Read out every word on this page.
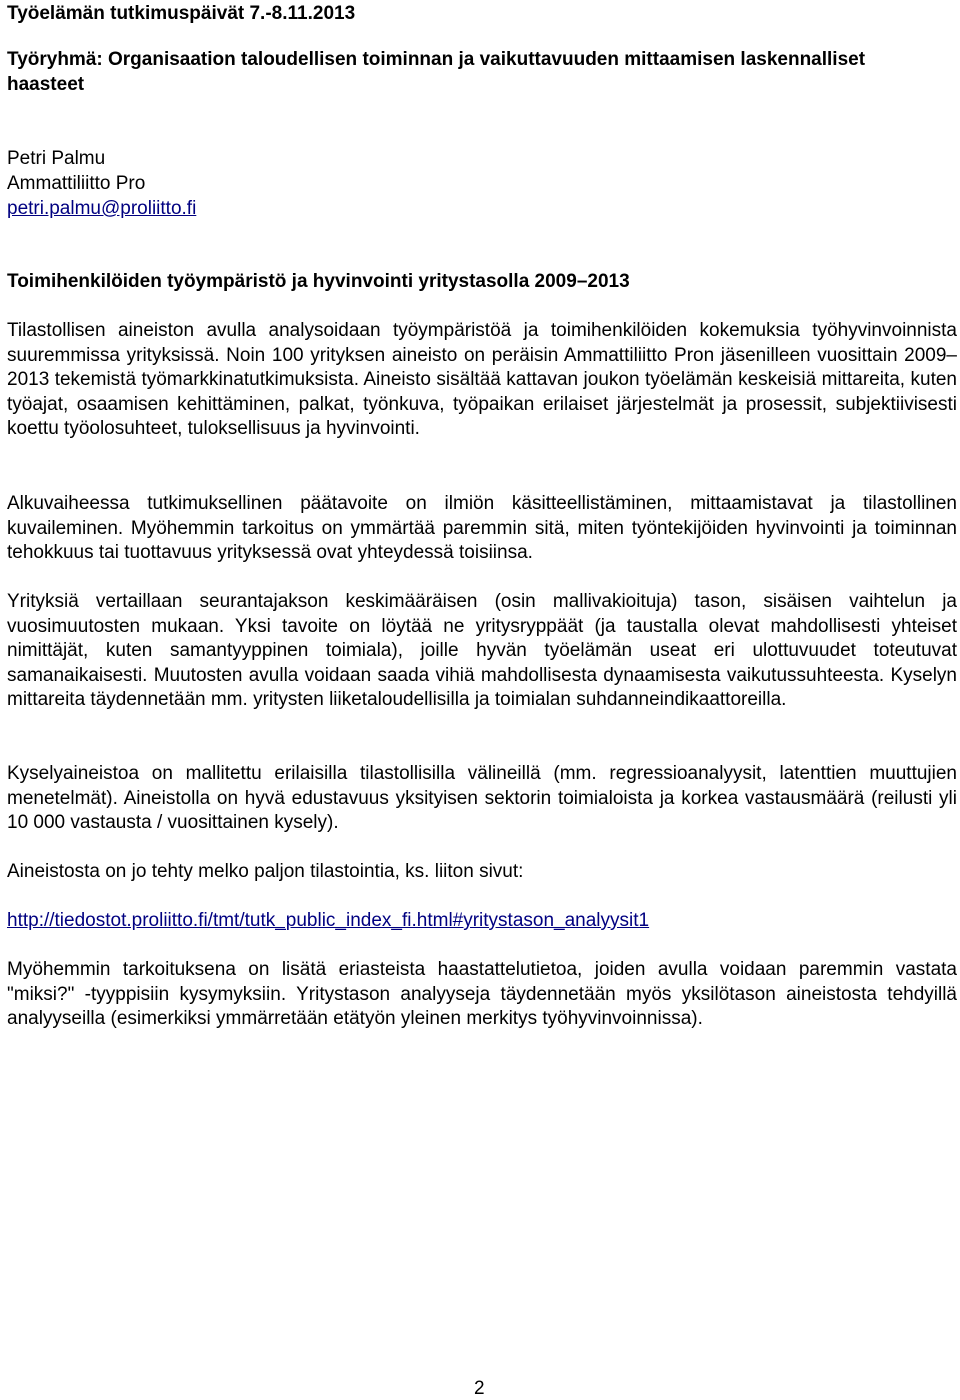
Työelämän tutkimuspäivät 7.-8.11.2013
Työryhmä: Organisaation taloudellisen toiminnan ja vaikuttavuuden mittaamisen laskennalliset haasteet
Petri Palmu
Ammattiliitto Pro
petri.palmu@proliitto.fi
Toimihenkilöiden työympäristö ja hyvinvointi yritystasolla 2009–2013

Tilastollisen aineiston avulla analysoidaan työympäristöä ja toimihenkilöiden kokemuksia työhyvinvoinnista suuremmissa yrityksissä. Noin 100 yrityksen aineisto on peräisin Ammattiliitto Pron jäsenilleen vuosittain 2009–2013 tekemistä työmarkkinatutkimuksista. Aineisto sisältää kattavan joukon työelämän keskeisiä mittareita, kuten työajat, osaamisen kehittäminen, palkat, työnkuva, työpaikan erilaiset järjestelmät ja prosessit, subjektiivisesti koettu työolosuhteet, tuloksellisuus ja hyvinvointi.

Alkuvaiheessa tutkimuksellinen päätavoite on ilmiön käsitteellistäminen, mittaamistavat ja tilastollinen kuvaileminen. Myöhemmin tarkoitus on ymmärtää paremmin sitä, miten työntekijöiden hyvinvointi ja toiminnan tehokkuus tai tuottavuus yrityksessä ovat yhteydessä toisiinsa.

Yrityksiä vertaillaan seurantajakson keskimääräisen (osin mallivakioituja) tason, sisäisen vaihtelun ja vuosimuutosten mukaan. Yksi tavoite on löytää ne yritysryppäät (ja taustalla olevat mahdollisesti yhteiset nimittäjät, kuten samantyyppinen toimiala), joille hyvän työelämän useat eri ulottuvuudet toteutuvat samanaikaisesti. Muutosten avulla voidaan saada vihiä mahdollisesta dynaamisesta vaikutussuhteesta. Kyselyn mittareita täydennetään mm. yritysten liiketaloudellisilla ja toimialan suhdanneindikaattoreilla.

Kyselyaineistoa on mallitettu erilaisilla tilastollisilla välineillä (mm. regressioanalyysit, latenttien muuttujien menetelmät). Aineistolla on hyvä edustavuus yksityisen sektorin toimialoista ja korkea vastausmäärä (reilusti yli 10 000 vastausta / vuosittainen kysely).

Aineistosta on jo tehty melko paljon tilastointia, ks. liiton sivut:

http://tiedostot.proliitto.fi/tmt/tutk_public_index_fi.html#yritystason_analyysit1

Myöhemmin tarkoituksena on lisätä eriasteista haastattelutietoa, joiden avulla voidaan paremmin vastata "miksi?" -tyyppisiin kysymyksiin. Yritystason analyyseja täydennetään myös yksilötason aineistosta tehdyillä analyyseilla (esimerkiksi ymmärretään etätyön yleinen merkitys työhyvinvoinnissa).

2
